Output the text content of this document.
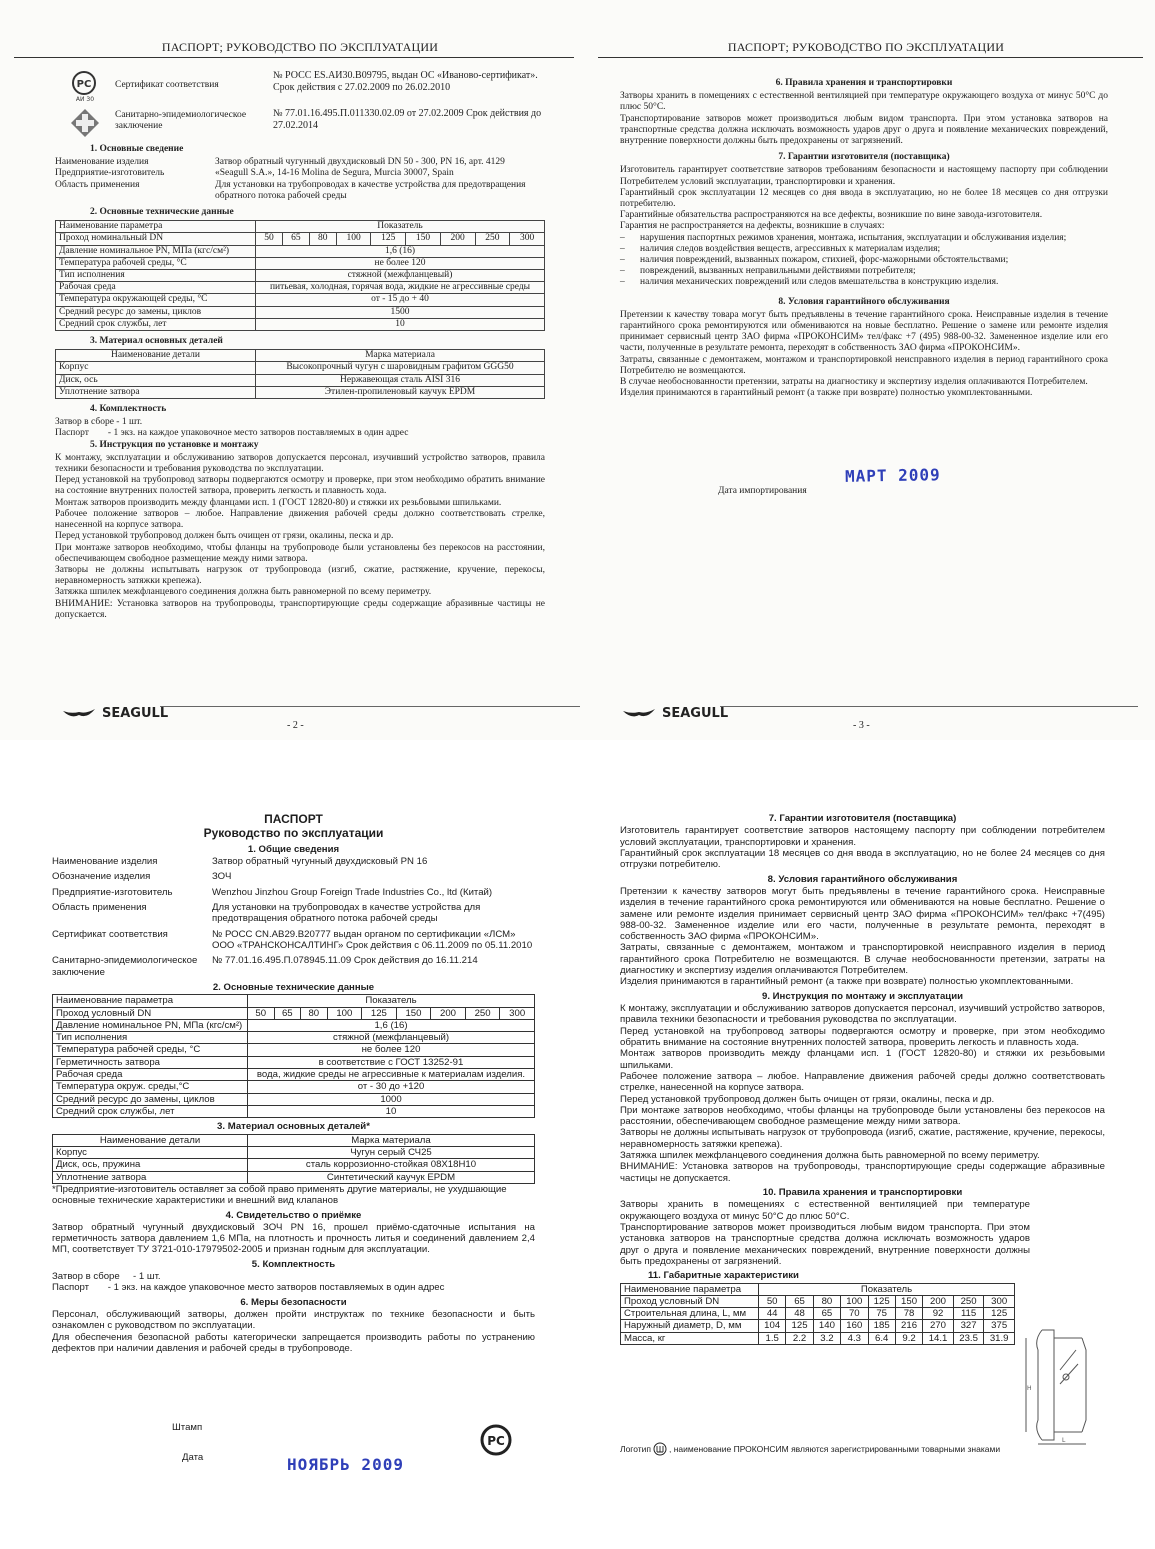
ПАСПОРТ; РУКОВОДСТВО ПО ЭКСПЛУАТАЦИИ
РС
АИ 30
Сертификат соответствия
№ РОСС ES.АИ30.В09795, выдан ОС «Иваново-сертификат». Срок действия с 27.02.2009 по 26.02.2010
Санитарно-эпидемиологическое заключение
№ 77.01.16.495.П.011330.02.09 от 27.02.2009 Срок действия до 27.02.2014
1. Основные сведение
Наименование изделия	Затвор обратный чугунный двухдисковый DN 50 - 300, PN 16, арт. 4129
Предприятие-изготовитель	«Seagull S.A.», 14-16 Molina de Segura, Murcia 30007, Spain
Область применения	Для установки на трубопроводах в качестве устройства для предотвращения обратного потока рабочей среды
2. Основные технические данные
Наименование параметра	Показатель								
Проход номинальный DN	50	65	80	100	125	150	200	250	300
Давление номинальное PN, МПа (кгс/см²)	1,6 (16)								
Температура рабочей среды, °С	не более 120								
Тип исполнения	стяжной (межфланцевый)								
Рабочая среда	питьевая, холодная, горячая вода, жидкие не агрессивные среды								
Температура окружающей среды, °С	от - 15 до + 40								
Средний ресурс до замены, циклов	1500								
Средний срок службы, лет	10								
3. Материал основных деталей
Наименование детали	Марка материала
Корпус	Высокопрочный чугун с шаровидным графитом GGG50
Диск, ось	Нержавеющая сталь AISI 316
Уплотнение затвора	Этилен-пропиленовый каучук EPDM
4. Комплектность
Затвор в сборе - 1 шт.
Паспорт        - 1 экз. на каждое упаковочное место затворов поставляемых в один адрес
5. Инструкция по установке и монтажу

К монтажу, эксплуатации и обслуживанию затворов допускается персонал, изучивший устройство затворов, правила техники безопасности и требования руководства по эксплуатации.

Перед установкой на трубопровод затворы подвергаются осмотру и проверке, при этом необходимо обратить внимание на состояние внутренних полостей затвора, проверить легкость и плавность хода.

Монтаж затворов производить между фланцами исп. 1 (ГОСТ 12820-80) и стяжки их резьбовыми шпильками.

Рабочее положение затворов – любое. Направление движения рабочей среды должно соответствовать стрелке, нанесенной на корпусе затвора.

Перед установкой трубопровод должен быть очищен от грязи, окалины, песка и др.

При монтаже затворов необходимо, чтобы фланцы на трубопроводе были установлены без перекосов на расстоянии, обеспечивающем свободное размещение между ними затвора.

Затворы не должны испытывать нагрузок от трубопровода (изгиб, сжатие, растяжение, кручение, перекосы, неравномерность затяжки крепежа).

Затяжка шпилек межфланцевого соединения должна быть равномерной по всему периметру.

ВНИМАНИЕ: Установка затворов на трубопроводы, транспортирующие среды содержащие абразивные частицы не допускается.

SEAGULL
- 2 -
ПАСПОРТ; РУКОВОДСТВО ПО ЭКСПЛУАТАЦИИ
6. Правила хранения и транспортировки

Затворы хранить в помещениях с естественной вентиляцией при температуре окружающего воздуха от минус 50°С до плюс 50°С.

Транспортирование затворов может производиться любым видом транспорта. При этом установка затворов на транспортные средства должна исключать возможность ударов друг о друга и появление механических повреждений, внутренние поверхности должны быть предохранены от загрязнений.

7. Гарантии изготовителя (поставщика)

Изготовитель гарантирует соответствие затворов требованиям безопасности и настоящему паспорту при соблюдении Потребителем условий эксплуатации, транспортировки и хранения.

Гарантийный срок эксплуатации 12 месяцев со дня ввода в эксплуатацию, но не более 18 месяцев со дня отгрузки потребителю.

Гарантийные обязательства распространяются на все дефекты, возникшие по вине завода-изготовителя.

Гарантия не распространяется на дефекты, возникшие в случаях:

– нарушения паспортных режимов хранения, монтажа, испытания, эксплуатации и обслуживания изделия;
– наличия следов воздействия веществ, агрессивных к материалам изделия;
– наличия повреждений, вызванных пожаром, стихией, форс-мажорными обстоятельствами;
– повреждений, вызванных неправильными действиями потребителя;
– наличия механических повреждений или следов вмешательства в конструкцию изделия.
8. Условия гарантийного обслуживания

Претензии к качеству товара могут быть предъявлены в течение гарантийного срока. Неисправные изделия в течение гарантийного срока ремонтируются или обмениваются на новые бесплатно. Решение о замене или ремонте изделия принимает сервисный центр ЗАО фирма «ПРОКОНСИМ» тел/факс +7 (495) 988-00-32. Замененное изделие или его части, полученные в результате ремонта, переходят в собственность ЗАО фирма «ПРОКОНСИМ».

Затраты, связанные с демонтажем, монтажом и транспортировкой неисправного изделия в период гарантийного срока Потребителю не возмещаются.

В случае необоснованности претензии, затраты на диагностику и экспертизу изделия оплачиваются Потребителем.

Изделия принимаются в гарантийный ремонт (а также при возврате) полностью укомплектованными.

Дата импортирования
МАРТ 2009
SEAGULL
- 3 -
ПАСПОРТ
Руководство по эксплуатации
1. Общие сведения
Наименование изделия	Затвор обратный чугунный двухдисковый PN 16
Обозначение изделия	ЗОЧ
Предприятие-изготовитель	Wenzhou Jinzhou Group Foreign Trade Industries Co., ltd (Китай)
Область применения	Для установки на трубопроводах в качестве устройства для предотвращения обратного потока рабочей среды
Сертификат соответствия	№ РОСС CN.АВ29.В20777 выдан органом по сертификации «ЛСМ» ООО «ТРАНСКОНСАЛТИНГ» Срок действия с 06.11.2009 по 05.11.2010
Санитарно-эпидемиологическое заключение
№ 77.01.16.495.П.078945.11.09 Срок действия до 16.11.214
2. Основные технические данные
Наименование параметра	Показатель								
Проход условный DN	50	65	80	100	125	150	200	250	300
Давление номинальное PN, МПа (кгс/см²)	1,6 (16)								
Тип исполнения	стяжной (межфланцевый)								
Температура рабочей среды, °С	не более 120								
Герметичность затвора	в соответствие с ГОСТ 13252-91								
Рабочая среда	вода, жидкие среды не агрессивные к материалам изделия.								
Температура окруж. среды,°С	от - 30 до +120								
Средний ресурс до замены, циклов	1000								
Средний срок службы, лет	10								
3. Материал основных деталей*
Наименование детали	Марка материала
Корпус	Чугун серый СЧ25
Диск, ось, пружина	сталь коррозионно-стойкая 08Х18Н10
Уплотнение затвора	Синтетический каучук EPDM
*Предприятие-изготовитель оставляет за собой право применять другие материалы, не ухудшающие основные технические характеристики и внешний вид клапанов
4. Свидетельство о приёмке

Затвор обратный чугунный двухдисковый ЗОЧ PN 16, прошел приёмо-сдаточные испытания на герметичность затвора давлением 1,6 МПа, на плотность и прочность литья и соединений давлением 2,4 МП, соответствует ТУ 3721-010-17979502-2005 и признан годным для эксплуатации.

5. Комплектность
Затвор в сборе     - 1 шт.
Паспорт       - 1 экз. на каждое упаковочное место затворов поставляемых в один адрес
6. Меры безопасности

Персонал, обслуживающий затворы, должен пройти инструктаж по технике безопасности и быть ознакомлен с руководством по эксплуатации.

Для обеспечения безопасной работы категорически запрещается производить работы по устранению дефектов при наличии давления и рабочей среды в трубопроводе.

Штамп
Дата	НОЯБРЬ 2009
РС
7. Гарантии изготовителя (поставщика)

Изготовитель гарантирует соответствие затворов настоящему паспорту при соблюдении потребителем условий эксплуатации, транспортировки и хранения.

Гарантийный срок эксплуатации 18 месяцев со дня ввода в эксплуатацию, но не более 24 месяцев со дня отгрузки потребителю.

8. Условия гарантийного обслуживания

Претензии к качеству затворов могут быть предъявлены в течение гарантийного срока. Неисправные изделия в течение гарантийного срока ремонтируются или обмениваются на новые бесплатно. Решение о замене или ремонте изделия принимает сервисный центр ЗАО фирма «ПРОКОНСИМ» тел/факс +7(495) 988-00-32. Замененное изделие или его части, полученные в результате ремонта, переходят в собственность ЗАО фирма «ПРОКОНСИМ».

Затраты, связанные с демонтажем, монтажом и транспортировкой неисправного изделия в период гарантийного срока Потребителю не возмещаются. В случае необоснованности претензии, затраты на диагностику и экспертизу изделия оплачиваются Потребителем.

Изделия принимаются в гарантийный ремонт (а также при возврате) полностью укомплектованными.

9. Инструкция по монтажу и эксплуатации

К монтажу, эксплуатации и обслуживанию затворов допускается персонал, изучивший устройство затворов, правила техники безопасности и требования руководства по эксплуатации.

Перед установкой на трубопровод затворы подвергаются осмотру и проверке, при этом необходимо обратить внимание на состояние внутренних полостей затвора, проверить легкость и плавность хода.

Монтаж затворов производить между фланцами исп. 1 (ГОСТ 12820-80) и стяжки их резьбовыми шпильками.

Рабочее положение затвора – любое. Направление движения рабочей среды должно соответствовать стрелке, нанесенной на корпусе затвора.

Перед установкой трубопровод должен быть очищен от грязи, окалины, песка и др.

При монтаже затворов необходимо, чтобы фланцы на трубопроводе были установлены без перекосов на расстоянии, обеспечивающем свободное размещение между ними затвора.

Затворы не должны испытывать нагрузок от трубопровода (изгиб, сжатие, растяжение, кручение, перекосы, неравномерность затяжки крепежа).

Затяжка шпилек межфланцевого соединения должна быть равномерной по всему периметру.

ВНИМАНИЕ: Установка затворов на трубопроводы, транспортирующие среды содержащие абразивные частицы не допускается.

10. Правила хранения и транспортировки

Затворы хранить в помещениях с естественной вентиляцией при температуре окружающего воздуха от минус 50°С до плюс 50°С.

Транспортирование затворов может производиться любым видом транспорта. При этом установка затворов на транспортные средства должна исключать возможность ударов друг о друга и появление механических повреждений, внутренние поверхности должны быть предохранены от загрязнений.

11. Габаритные характеристики
Наименование параметра	Показатель								
Проход условный DN	50	65	80	100	125	150	200	250	300
Строительная длина, L, мм	44	48	65	70	75	78	92	115	125
Наружный диаметр, D, мм	104	125	140	160	185	216	270	327	375
Масса, кг	1.5	2.2	3.2	4.3	6.4	9.2	14.1	23.5	31.9
H
L
Логотип , наименование ПРОКОНСИМ являются зарегистрированными товарными знаками
